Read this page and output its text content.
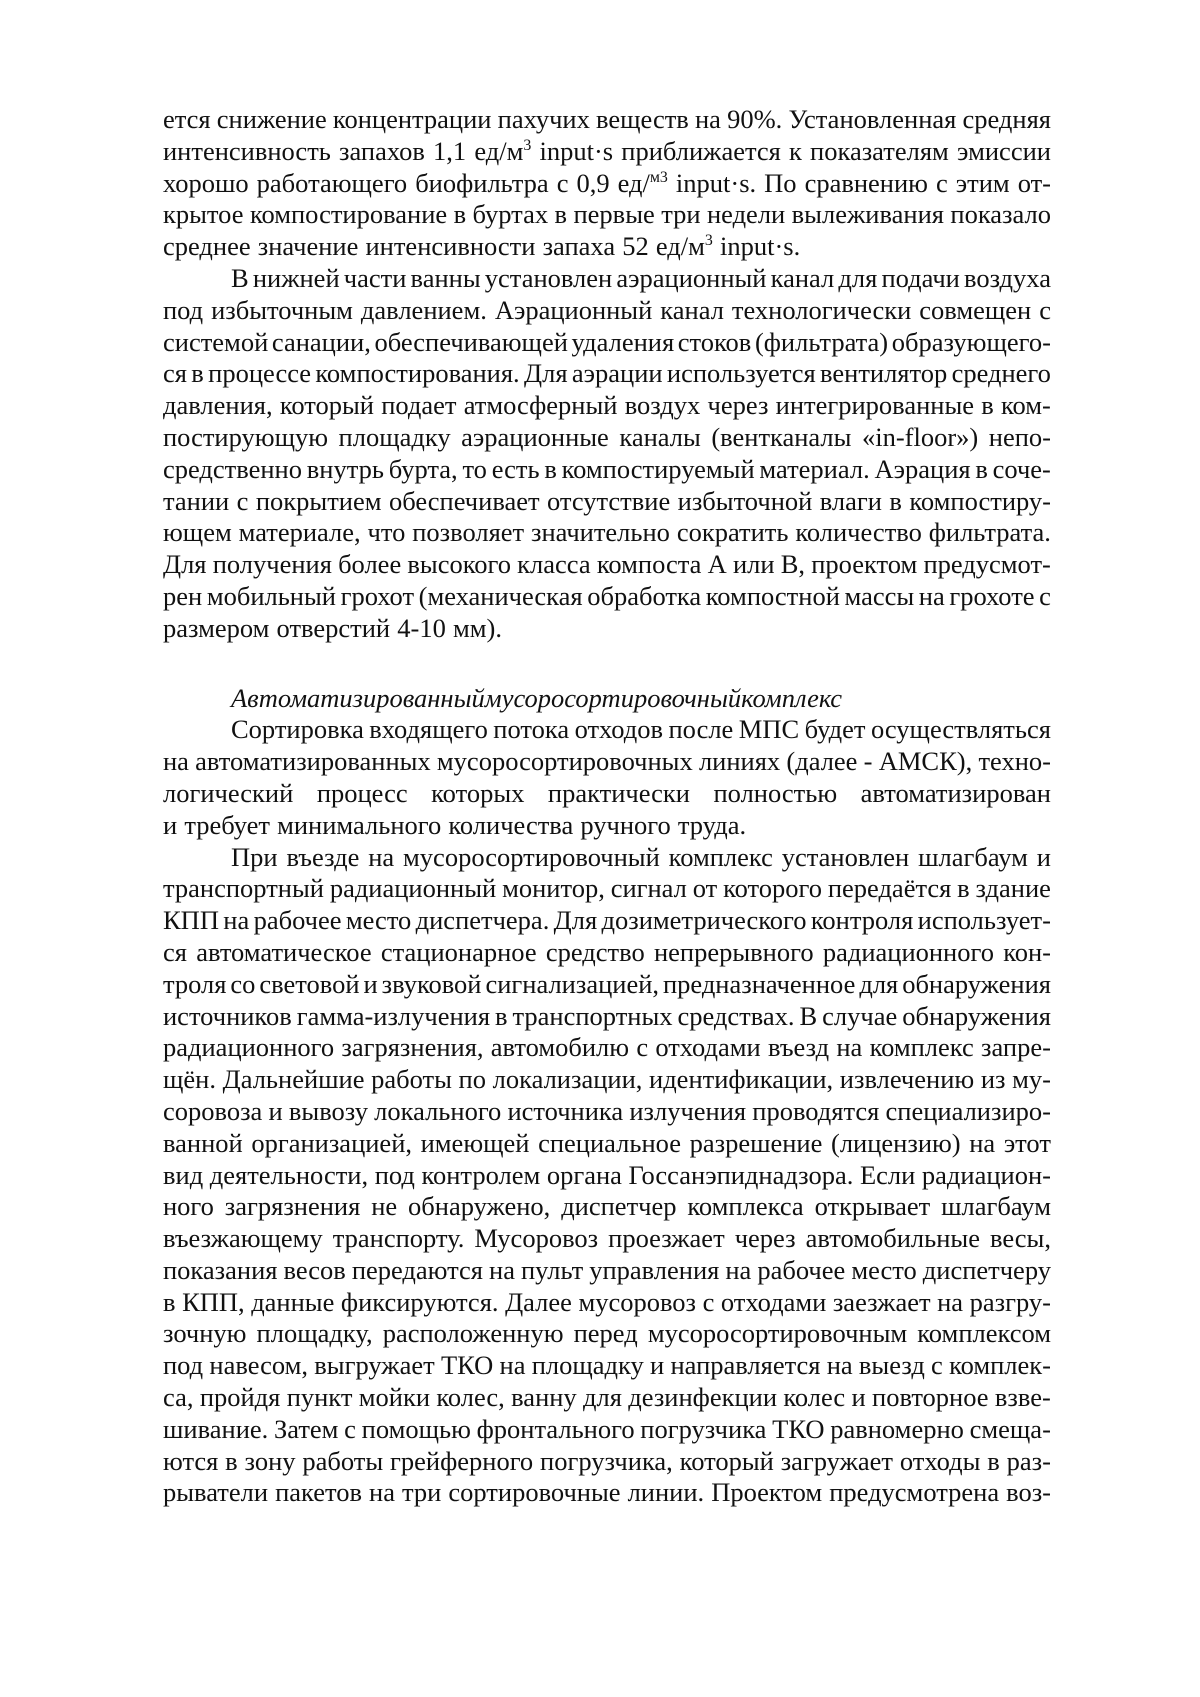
ется снижение концентрации пахучих веществ на 90%. Установленная средняя
интенсивность запахов 1,1 $ед/м^3$ input·s приближается к показателям эмиссии
хорошо работающего биофильтра с 0,9 ед/$^{м3}$ input·s. По сравнению с этим от-
крытое компостирование в буртах в первые три недели вылеживания показало
среднее значение интенсивности запаха 52 $ед/м^3$ input·s.
В нижней части ванны установлен аэрационный канал для подачи воздуха
под избыточным давлением. Аэрационный канал технологически совмещен с
системой санации, обеспечивающей удаления стоков (фильтрата) образующего-
ся в процессе компостирования. Для аэрации используется вентилятор среднего
давления, который подает атмосферный воздух через интегрированные в ком-
постирующую площадку аэрационные каналы (вентканалы «in-floor») непо-
средственно внутрь бурта, то есть в компостируемый материал. Аэрация в соче-
тании с покрытием обеспечивает отсутствие избыточной влаги в компостиру-
ющем материале, что позволяет значительно сократить количество фильтрата.
Для получения более высокого класса компоста А или В, проектом предусмот-
рен мобильный грохот (механическая обработка компостной массы на грохоте с
размером отверстий 4-10 мм).
Автоматизированный мусоросортировочный комплекс
Сортировка входящего потока отходов после МПС будет осуществляться
на автоматизированных мусоросортировочных линиях (далее - АМСК), техно-
логический процесс которых практически полностью автоматизирован
и требует минимального количества ручного труда.
При въезде на мусоросортировочный комплекс установлен шлагбаум и
транспортный радиационный монитор, сигнал от которого передаётся в здание
КПП на рабочее место диспетчера. Для дозиметрического контроля использует-
ся автоматическое стационарное средство непрерывного радиационного кон-
троля со световой и звуковой сигнализацией, предназначенное для обнаружения
источников гамма-излучения в транспортных средствах. В случае обнаружения
радиационного загрязнения, автомобилю с отходами въезд на комплекс запре-
щён. Дальнейшие работы по локализации, идентификации, извлечению из му-
соровоза и вывозу локального источника излучения проводятся специализиро-
ванной организацией, имеющей специальное разрешение (лицензию) на этот
вид деятельности, под контролем органа Госсанэпиднадзора. Если радиацион-
ного загрязнения не обнаружено, диспетчер комплекса открывает шлагбаум
въезжающему транспорту. Мусоровоз проезжает через автомобильные весы,
показания весов передаются на пульт управления на рабочее место диспетчеру
в КПП, данные фиксируются. Далее мусоровоз с отходами заезжает на разгру-
зочную площадку, расположенную перед мусоросортировочным комплексом
под навесом, выгружает ТКО на площадку и направляется на выезд с комплек-
са, пройдя пункт мойки колес, ванну для дезинфекции колес и повторное взве-
шивание. Затем с помощью фронтального погрузчика ТКО равномерно смеща-
ются в зону работы грейферного погрузчика, который загружает отходы в раз-
рыватели пакетов на три сортировочные линии. Проектом предусмотрена воз-
